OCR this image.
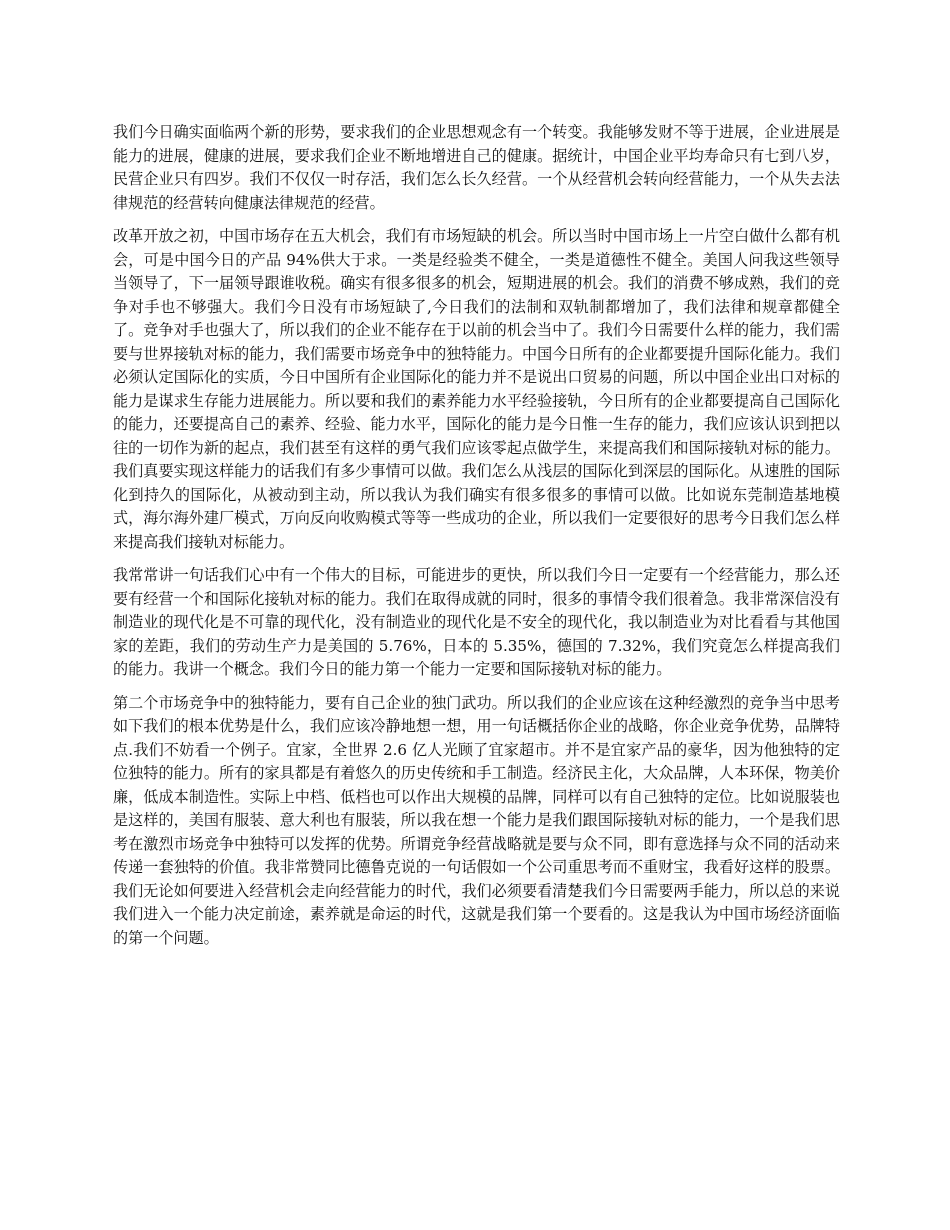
我们今日确实面临两个新的形势，要求我们的企业思想观念有一个转变。我能够发财不等于进展，企业进展是能力的进展，健康的进展，要求我们企业不断地增进自己的健康。据统计，中国企业平均寿命只有七到八岁，民营企业只有四岁。我们不仅仅一时存活，我们怎么长久经营。一个从经营机会转向经营能力，一个从失去法律规范的经营转向健康法律规范的经营。

改革开放之初，中国市场存在五大机会，我们有市场短缺的机会。所以当时中国市场上一片空白做什么都有机会，可是中国今日的产品 94%供大于求。一类是经验类不健全，一类是道德性不健全。美国人问我这些领导当领导了，下一届领导跟谁收税。确实有很多很多的机会，短期进展的机会。我们的消费不够成熟，我们的竞争对手也不够强大。我们今日没有市场短缺了,今日我们的法制和双轨制都增加了，我们法律和规章都健全了。竞争对手也强大了，所以我们的企业不能存在于以前的机会当中了。我们今日需要什么样的能力，我们需要与世界接轨对标的能力，我们需要市场竞争中的独特能力。中国今日所有的企业都要提升国际化能力。我们必须认定国际化的实质，今日中国所有企业国际化的能力并不是说出口贸易的问题，所以中国企业出口对标的能力是谋求生存能力进展能力。所以要和我们的素养能力水平经验接轨，今日所有的企业都要提高自己国际化的能力，还要提高自己的素养、经验、能力水平，国际化的能力是今日惟一生存的能力，我们应该认识到把以往的一切作为新的起点，我们甚至有这样的勇气我们应该零起点做学生，来提高我们和国际接轨对标的能力。我们真要实现这样能力的话我们有多少事情可以做。我们怎么从浅层的国际化到深层的国际化。从速胜的国际化到持久的国际化，从被动到主动，所以我认为我们确实有很多很多的事情可以做。比如说东莞制造基地模式，海尔海外建厂模式，万向反向收购模式等等一些成功的企业，所以我们一定要很好的思考今日我们怎么样来提高我们接轨对标能力。

我常常讲一句话我们心中有一个伟大的目标，可能进步的更快，所以我们今日一定要有一个经营能力，那么还要有经营一个和国际化接轨对标的能力。我们在取得成就的同时，很多的事情令我们很着急。我非常深信没有制造业的现代化是不可靠的现代化，没有制造业的现代化是不安全的现代化，我以制造业为对比看看与其他国家的差距，我们的劳动生产力是美国的 5.76%，日本的 5.35%，德国的 7.32%，我们究竟怎么样提高我们的能力。我讲一个概念。我们今日的能力第一个能力一定要和国际接轨对标的能力。

第二个市场竞争中的独特能力，要有自己企业的独门武功。所以我们的企业应该在这种经激烈的竞争当中思考如下我们的根本优势是什么，我们应该冷静地想一想，用一句话概括你企业的战略，你企业竞争优势，品牌特点.我们不妨看一个例子。宜家，全世界 2.6 亿人光顾了宜家超市。并不是宜家产品的豪华，因为他独特的定位独特的能力。所有的家具都是有着悠久的历史传统和手工制造。经济民主化，大众品牌，人本环保，物美价廉，低成本制造性。实际上中档、低档也可以作出大规模的品牌，同样可以有自己独特的定位。比如说服装也是这样的，美国有服装、意大利也有服装，所以我在想一个能力是我们跟国际接轨对标的能力，一个是我们思考在激烈市场竞争中独特可以发挥的优势。所谓竞争经营战略就是要与众不同，即有意选择与众不同的活动来传递一套独特的价值。我非常赞同比德鲁克说的一句话假如一个公司重思考而不重财宝，我看好这样的股票。我们无论如何要进入经营机会走向经营能力的时代，我们必须要看清楚我们今日需要两手能力，所以总的来说我们进入一个能力决定前途，素养就是命运的时代，这就是我们第一个要看的。这是我认为中国市场经济面临的第一个问题。
